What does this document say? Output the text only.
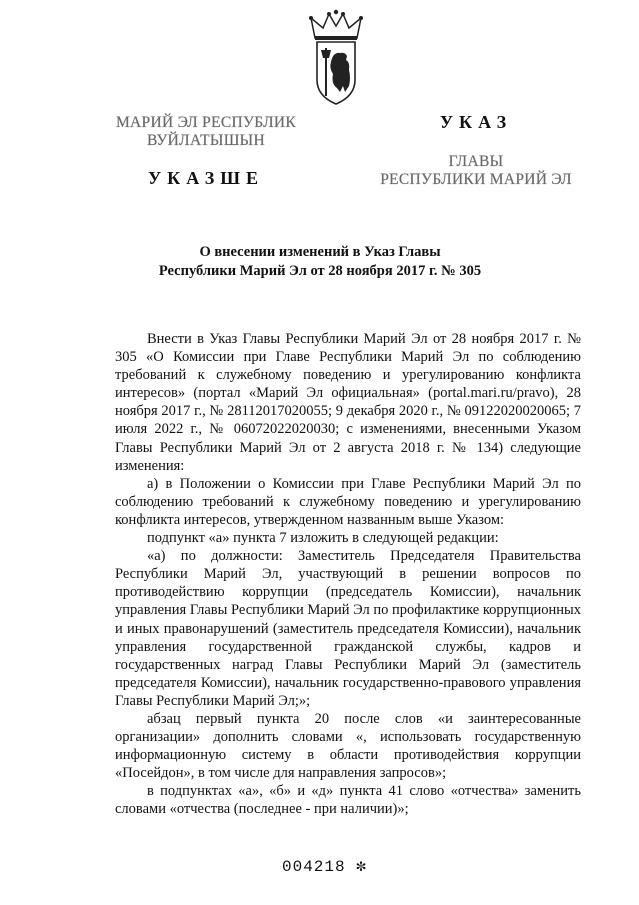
МАРИЙ ЭЛ РЕСПУБЛИК
ВУЙЛАТЫШЫН
УКАЗШЕ
УКАЗ
ГЛАВЫ
РЕСПУБЛИКИ МАРИЙ ЭЛ
О внесении изменений в Указ Главы
Республики Марий Эл от 28 ноября 2017 г. № 305

Внести в Указ Главы Республики Марий Эл от 28 ноября 2017 г. № 305 «О Комиссии при Главе Республики Марий Эл по соблюдению требований к служебному поведению и урегулированию конфликта интересов» (портал «Марий Эл официальная» (portal.mari.ru/pravo), 28 ноября 2017 г., № 28112017020055; 9 декабря 2020 г., № 09122020020065; 7 июля 2022 г., № 06072022020030; с изменениями, внесенными Указом Главы Республики Марий Эл от 2 августа 2018 г. № 134) следующие изменения:

а) в Положении о Комиссии при Главе Республики Марий Эл по соблюдению требований к служебному поведению и урегулированию конфликта интересов, утвержденном названным выше Указом:

подпункт «а» пункта 7 изложить в следующей редакции:

«а) по должности: Заместитель Председателя Правительства Республики Марий Эл, участвующий в решении вопросов по противодействию коррупции (председатель Комиссии), начальник управления Главы Республики Марий Эл по профилактике коррупционных и иных правонарушений (заместитель председателя Комиссии), начальник управления государственной гражданской службы, кадров и государственных наград Главы Республики Марий Эл (заместитель председателя Комиссии), начальник государственно-правового управления Главы Республики Марий Эл;»;

абзац первый пункта 20 после слов «и заинтересованные организации» дополнить словами «, использовать государственную информационную систему в области противодействия коррупции «Посейдон», в том числе для направления запросов»;

в подпунктах «а», «б» и «д» пункта 41 слово «отчества» заменить словами «отчества (последнее - при наличии)»;

004218 ✼
